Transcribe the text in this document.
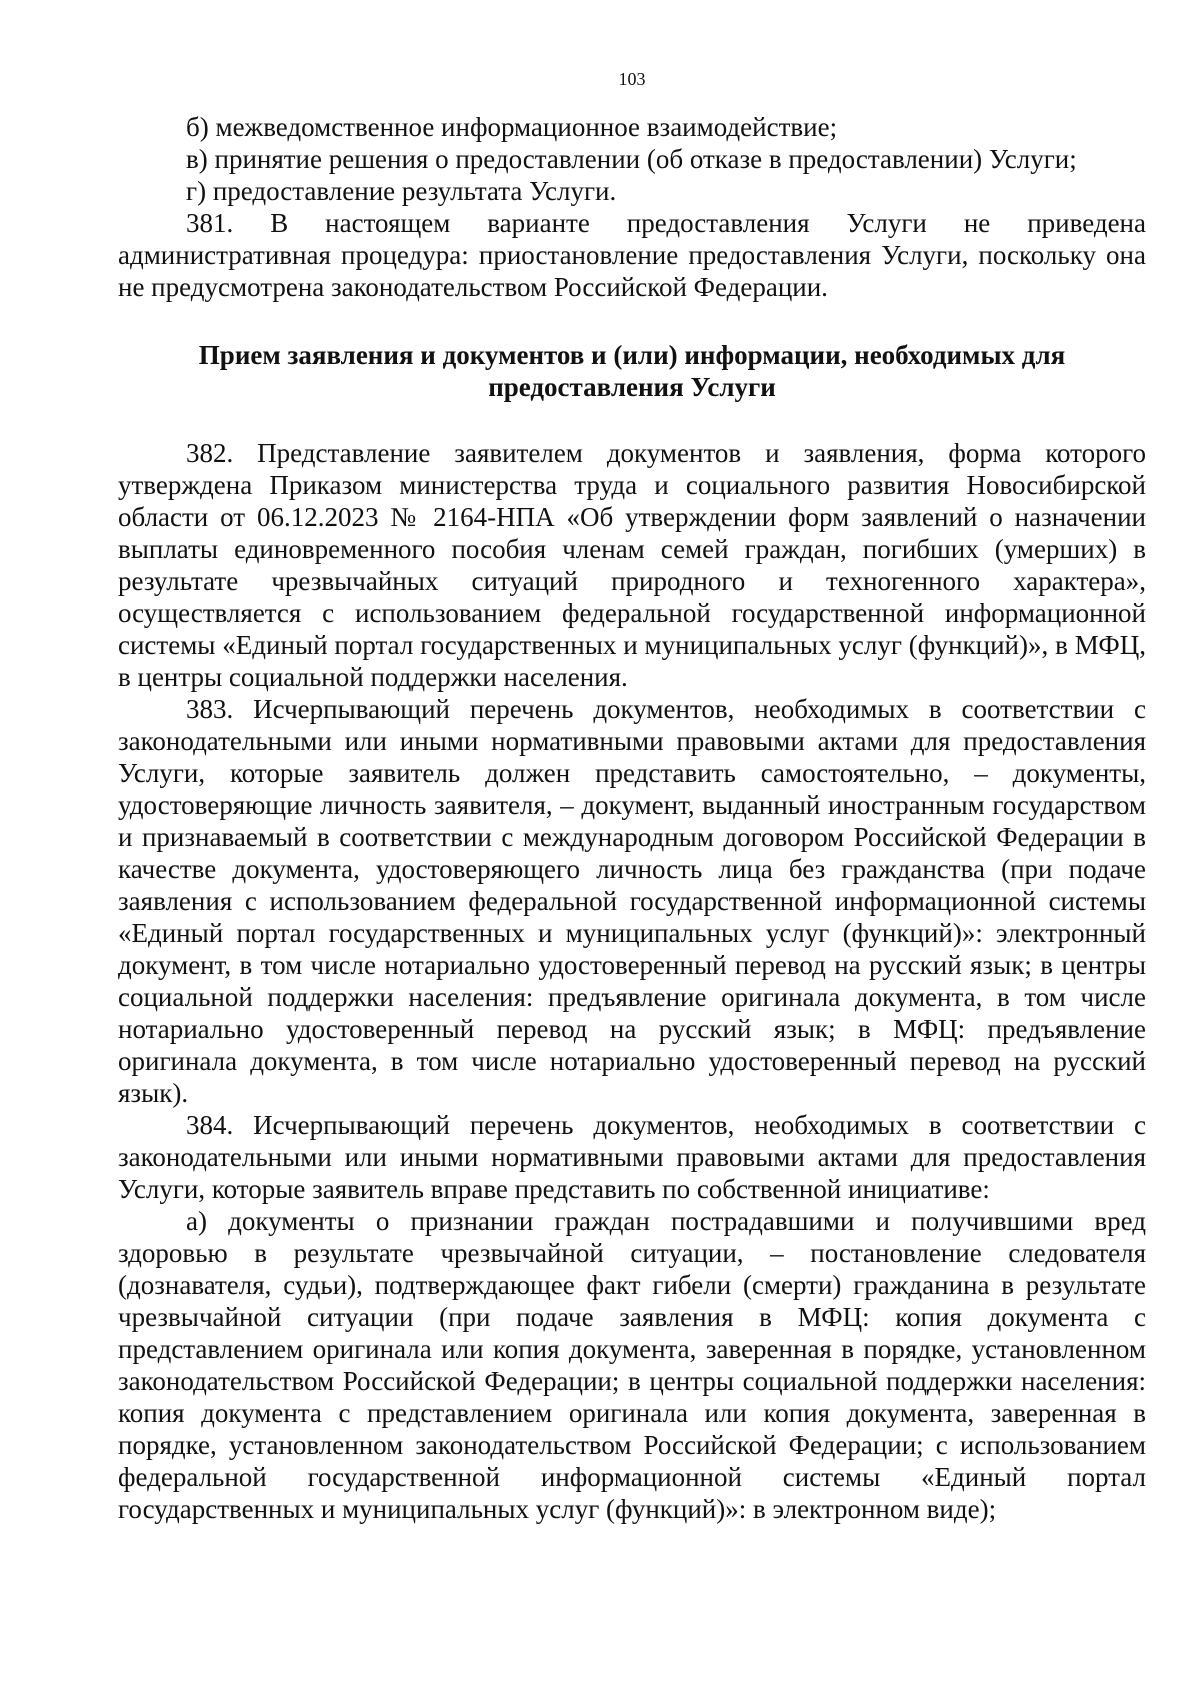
103

б) межведомственное информационное взаимодействие;

в) принятие решения о предоставлении (об отказе в предоставлении) Услуги;

г) предоставление результата Услуги.

381. В настоящем варианте предоставления Услуги не приведена административная процедура: приостановление предоставления Услуги, поскольку она не предусмотрена законодательством Российской Федерации.

Прием заявления и документов и (или) информации, необходимых для предоставления Услуги

382. Представление заявителем документов и заявления, форма которого утверждена Приказом министерства труда и социального развития Новосибирской области от 06.12.2023 № 2164-НПА «Об утверждении форм заявлений о назначении выплаты единовременного пособия членам семей граждан, погибших (умерших) в результате чрезвычайных ситуаций природного и техногенного характера», осуществляется с использованием федеральной государственной информационной системы «Единый портал государственных и муниципальных услуг (функций)», в МФЦ, в центры социальной поддержки населения.

383. Исчерпывающий перечень документов, необходимых в соответствии с законодательными или иными нормативными правовыми актами для предоставления Услуги, которые заявитель должен представить самостоятельно, – документы, удостоверяющие личность заявителя, – документ, выданный иностранным государством и признаваемый в соответствии с международным договором Российской Федерации в качестве документа, удостоверяющего личность лица без гражданства (при подаче заявления с использованием федеральной государственной информационной системы «Единый портал государственных и муниципальных услуг (функций)»: электронный документ, в том числе нотариально удостоверенный перевод на русский язык; в центры социальной поддержки населения: предъявление оригинала документа, в том числе нотариально удостоверенный перевод на русский язык; в МФЦ: предъявление оригинала документа, в том числе нотариально удостоверенный перевод на русский язык).

384. Исчерпывающий перечень документов, необходимых в соответствии с законодательными или иными нормативными правовыми актами для предоставления Услуги, которые заявитель вправе представить по собственной инициативе:

а) документы о признании граждан пострадавшими и получившими вред здоровью в результате чрезвычайной ситуации, – постановление следователя (дознавателя, судьи), подтверждающее факт гибели (смерти) гражданина в результате чрезвычайной ситуации (при подаче заявления в МФЦ: копия документа с представлением оригинала или копия документа, заверенная в порядке, установленном законодательством Российской Федерации; в центры социальной поддержки населения: копия документа с представлением оригинала или копия документа, заверенная в порядке, установленном законодательством Российской Федерации; с использованием федеральной государственной информационной системы «Единый портал государственных и муниципальных услуг (функций)»: в электронном виде);
